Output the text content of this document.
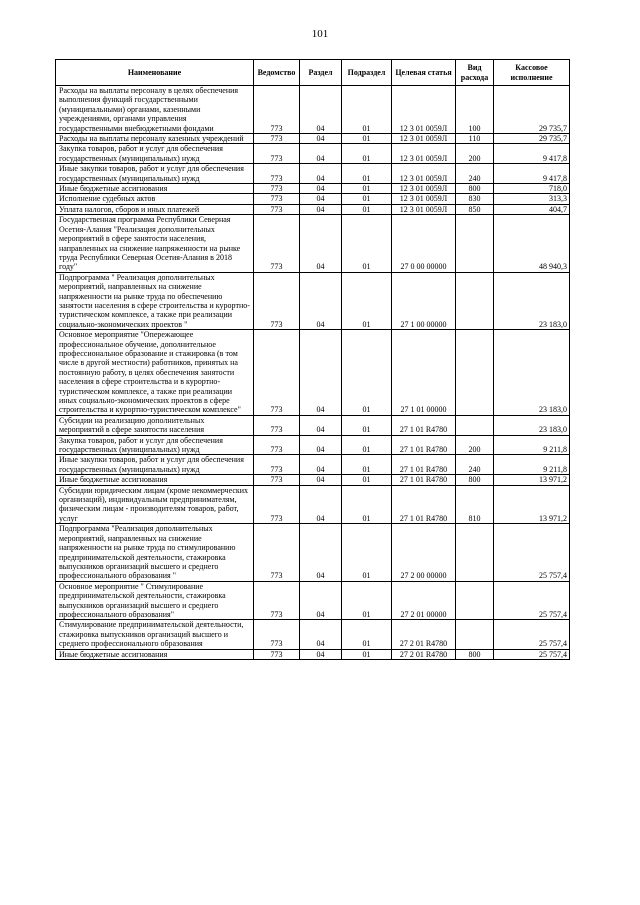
101
Наименование	Ведомство	Раздел	Подраздел	Целевая статья	Вид расхода	Кассовое исполнение
Расходы на выплаты персоналу в целях обеспечения выполнения функций государственными (муниципальными) органами, казенными учреждениями, органами управления государственными внебюджетными фондами	773	04	01	12 3 01 0059Л	100	29 735,7
Расходы на выплаты персоналу казенных учреждений	773	04	01	12 3 01 0059Л	110	29 735,7
Закупка товаров, работ и услуг для обеспечения государственных (муниципальных) нужд	773	04	01	12 3 01 0059Л	200	9 417,8
Иные закупки товаров, работ и услуг для обеспечения государственных (муниципальных) нужд	773	04	01	12 3 01 0059Л	240	9 417,8
Иные бюджетные ассигнования	773	04	01	12 3 01 0059Л	800	718,0
Исполнение судебных актов	773	04	01	12 3 01 0059Л	830	313,3
Уплата налогов, сборов и иных платежей	773	04	01	12 3 01 0059Л	850	404,7
Государственная программа Республики Северная Осетия-Алания "Реализация дополнительных мероприятий в сфере занятости населения, направленных на снижение напряженности на рынке труда Республики Северная Осетия-Алания в 2018 году"	773	04	01	27 0 00 00000		48 940,3
Подпрограмма " Реализация дополнительных мероприятий, направленных на снижение напряженности на рынке труда по обеспечению занятости населения в сфере строительства и курортно-туристическом комплексе, а также при реализации социально-экономических проектов "	773	04	01	27 1 00 00000		23 183,0
Основное мероприятие "Опережающее профессиональное обучение, дополнительное профессиональное образование и стажировка (в том числе в другой местности) работников, принятых на постоянную работу, в целях обеспечения занятости населения в сфере строительства и в курортно-туристическом комплексе, а также при реализации иных социально-экономических проектов в сфере строительства и курортно-туристическом комплексе"	773	04	01	27 1 01 00000		23 183,0
Субсидии на реализацию дополнительных мероприятий в сфере занятости населения	773	04	01	27 1 01 R4780		23 183,0
Закупка товаров, работ и услуг для обеспечения государственных (муниципальных) нужд	773	04	01	27 1 01 R4780	200	9 211,8
Иные закупки товаров, работ и услуг для обеспечения государственных (муниципальных) нужд	773	04	01	27 1 01 R4780	240	9 211,8
Иные бюджетные ассигнования	773	04	01	27 1 01 R4780	800	13 971,2
Субсидии юридическим лицам (кроме некоммерческих организаций), индивидуальным предпринимателям, физическим лицам - производителям товаров, работ, услуг	773	04	01	27 1 01 R4780	810	13 971,2
Подпрограмма "Реализация дополнительных мероприятий, направленных на снижение напряженности на рынке труда по стимулированию предпринимательской деятельности, стажировка выпускников организаций высшего и среднего профессионального образования "	773	04	01	27 2 00 00000		25 757,4
Основное мероприятие " Стимулирование предпринимательской деятельности, стажировка выпускников организаций высшего и среднего профессионального образования"	773	04	01	27 2 01 00000		25 757,4
Стимулирование предпринимательской деятельности, стажировка выпускников организаций высшего и среднего профессионального образования	773	04	01	27 2 01 R4780		25 757,4
Иные бюджетные ассигнования	773	04	01	27 2 01 R4780	800	25 757,4
